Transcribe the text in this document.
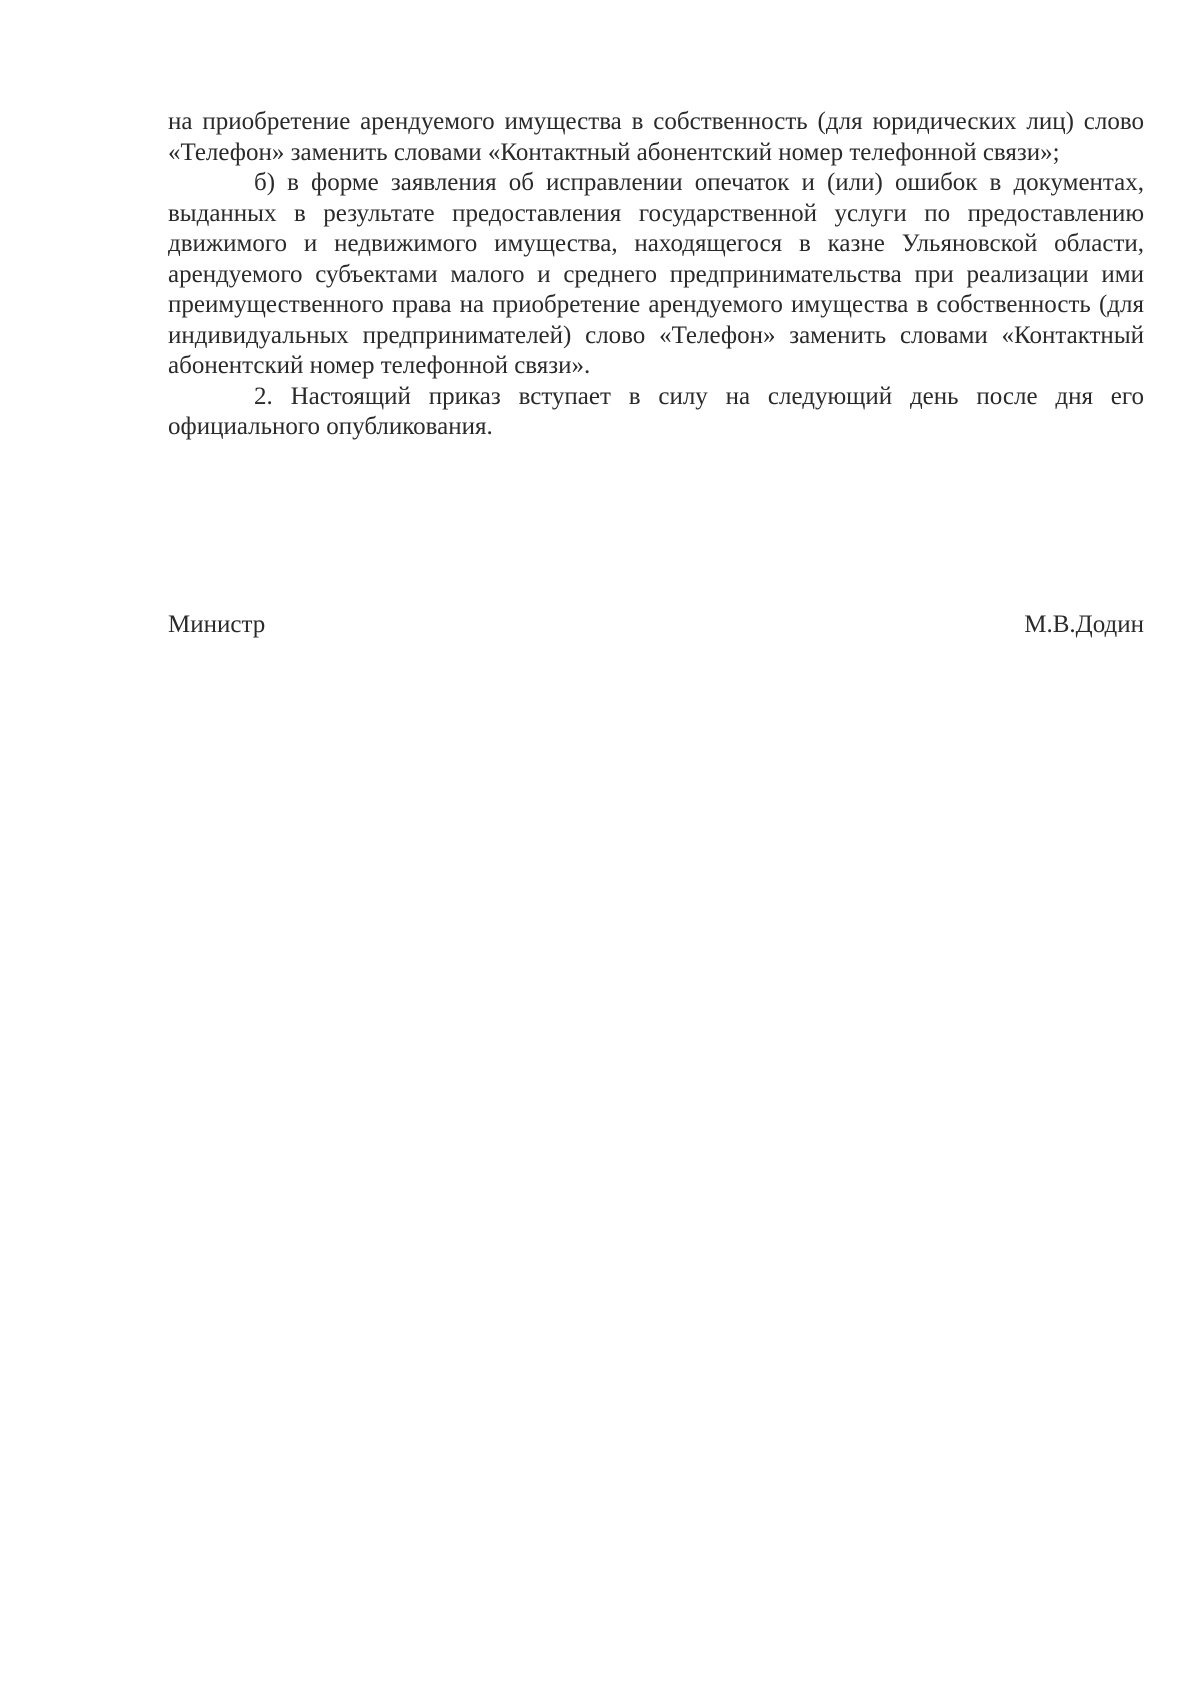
на приобретение арендуемого имущества в собственность (для юридических лиц) слово «Телефон» заменить словами «Контактный абонентский номер телефонной связи»;

б) в форме заявления об исправлении опечаток и (или) ошибок в документах, выданных в результате предоставления государственной услуги по предоставлению движимого и недвижимого имущества, находящегося в казне Ульяновской области, арендуемого субъектами малого и среднего предпринимательства при реализации ими преимущественного права на приобретение арендуемого имущества в собственность (для индивидуальных предпринимателей) слово «Телефон» заменить словами «Контактный абонентский номер телефонной связи».

2. Настоящий приказ вступает в силу на следующий день после дня его официального опубликования.

Министр	М.В.Додин
